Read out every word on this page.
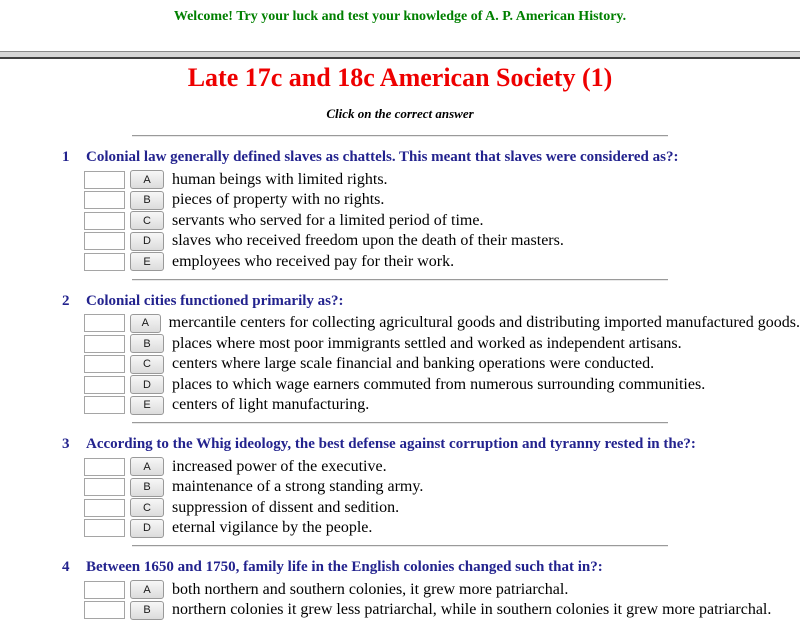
Welcome! Try your luck and test your knowledge of A. P. American History.
Late 17c and 18c American Society (1)
Click on the correct answer
1 Colonial law generally defined slaves as chattels. This meant that slaves were considered as?:
A	human beings with limited rights.
B	pieces of property with no rights.
C	servants who served for a limited period of time.
D	slaves who received freedom upon the death of their masters.
E	employees who received pay for their work.
2 Colonial cities functioned primarily as?:
A	mercantile centers for collecting agricultural goods and distributing imported manufactured goods.
B	places where most poor immigrants settled and worked as independent artisans.
C	centers where large scale financial and banking operations were conducted.
D	places to which wage earners commuted from numerous surrounding communities.
E	centers of light manufacturing.
3 According to the Whig ideology, the best defense against corruption and tyranny rested in the?:
A	increased power of the executive.
B	maintenance of a strong standing army.
C	suppression of dissent and sedition.
D	eternal vigilance by the people.
4 Between 1650 and 1750, family life in the English colonies changed such that in?:
A	both northern and southern colonies, it grew more patriarchal.
B	northern colonies it grew less patriarchal, while in southern colonies it grew more patriarchal.
